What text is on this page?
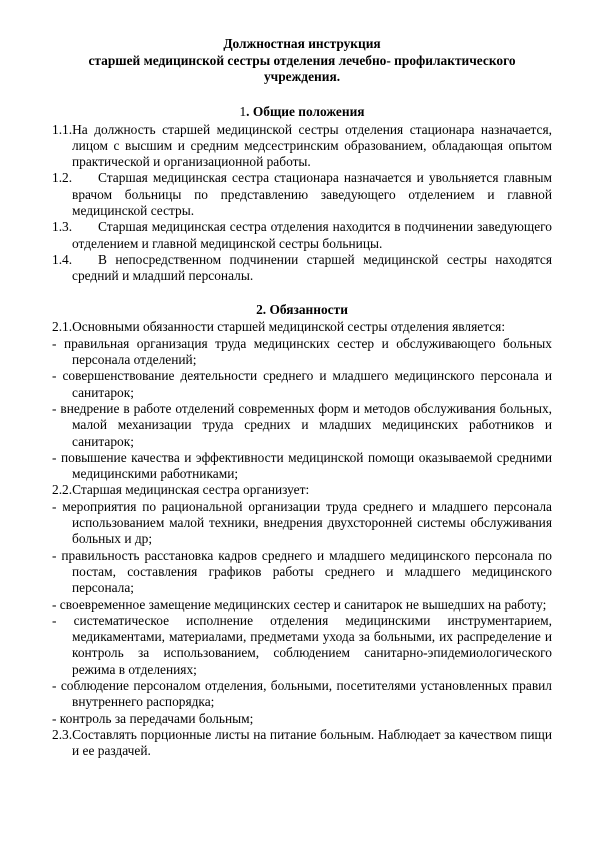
Должностная инструкция
старшей медицинской сестры отделения лечебно- профилактического
учреждения.
1. Общие положения

1.1.На должность старшей медицинской сестры отделения стационара назначается, лицом с высшим и средним медсестринским образованием, обладающая опытом практической и организационной работы.

1.2. Старшая медицинская сестра стационара назначается и увольняется главным врачом больницы по представлению заведующего отделением и главной медицинской сестры.

1.3. Старшая медицинская сестра отделения находится в подчинении заведующего отделением и главной медицинской сестры больницы.

1.4. В непосредственном подчинении старшей медицинской сестры находятся средний и младший персоналы.

2. Обязанности

2.1.Основными обязанности старшей медицинской сестры отделения является:

- правильная организация труда медицинских сестер и обслуживающего больных персонала отделений;

- совершенствование деятельности среднего и младшего медицинского персонала и санитарок;

- внедрение в работе отделений современных форм и методов обслуживания больных, малой механизации труда средних и младших медицинских работников и санитарок;

- повышение качества и эффективности медицинской помощи оказываемой средними медицинскими работниками;

2.2.Старшая медицинская сестра организует:

- мероприятия по рациональной организации труда среднего и младшего персонала использованием малой техники, внедрения двухсторонней системы обслуживания больных и др;

- правильность расстановка кадров среднего и младшего медицинского персонала по постам, составления графиков работы среднего и младшего медицинского персонала;

- своевременное замещение медицинских сестер и санитарок не вышедших на работу;

- систематическое исполнение отделения медицинскими инструментарием, медикаментами, материалами, предметами ухода за больными, их распределение и контроль за использованием, соблюдением санитарно-эпидемиологического режима в отделениях;

- соблюдение персоналом отделения, больными, посетителями установленных правил внутреннего распорядка;

- контроль за передачами больным;

2.3.Составлять порционные листы на питание больным. Наблюдает за качеством пищи и ее раздачей.
